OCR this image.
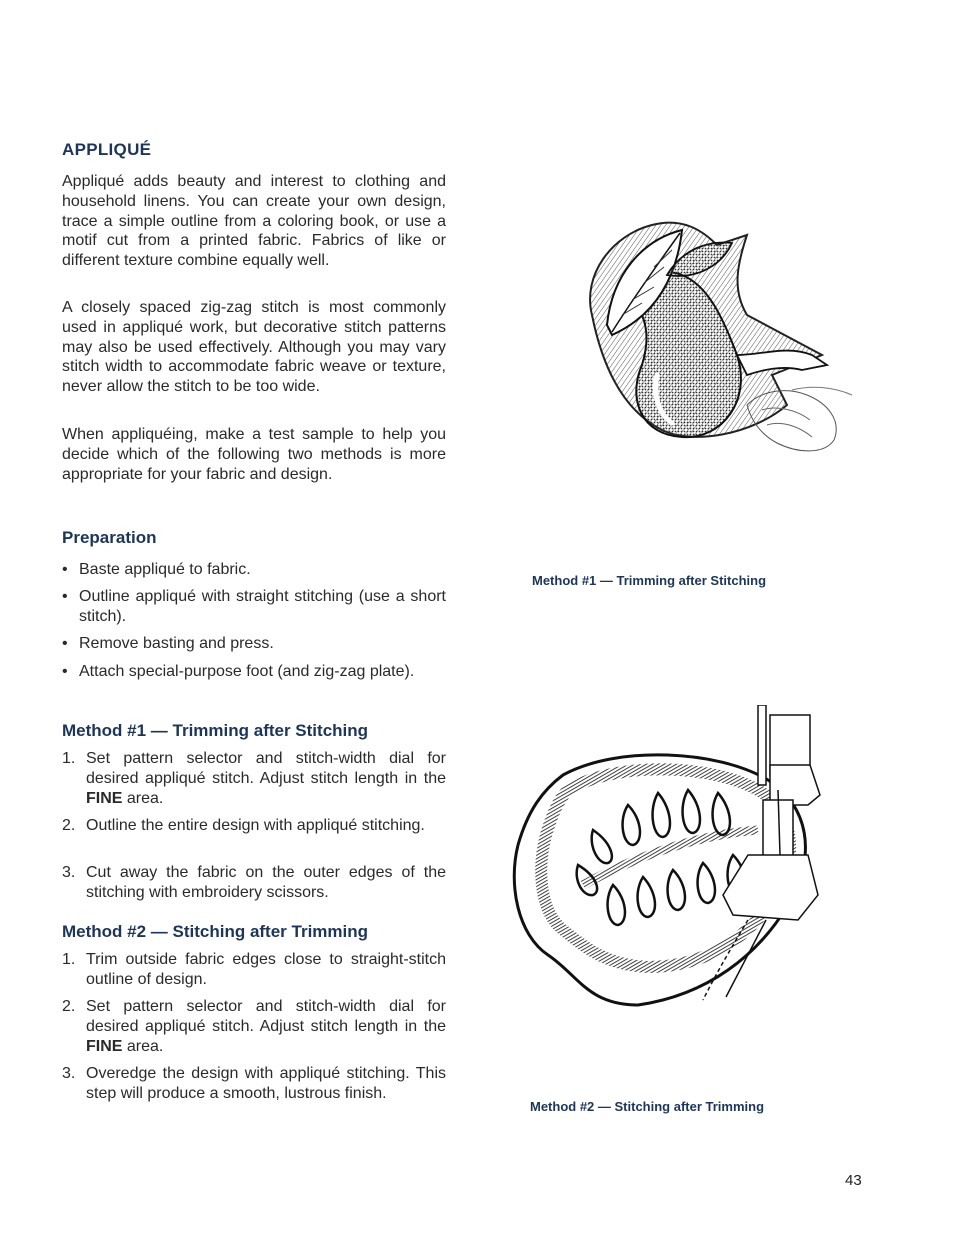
APPLIQUÉ
Appliqué adds beauty and interest to clothing and household linens. You can create your own design, trace a simple outline from a coloring book, or use a motif cut from a printed fabric. Fabrics of like or different texture combine equally well.
A closely spaced zig-zag stitch is most commonly used in appliqué work, but decorative stitch patterns may also be used effectively. Although you may vary stitch width to accommodate fabric weave or texture, never allow the stitch to be too wide.
When appliquéing, make a test sample to help you decide which of the following two methods is more appropriate for your fabric and design.
Preparation
• Baste appliqué to fabric.
• Outline appliqué with straight stitching (use a short stitch).
• Remove basting and press.
• Attach special-purpose foot (and zig-zag plate).
Method #1 — Trimming after Stitching
1. Set pattern selector and stitch-width dial for desired appliqué stitch. Adjust stitch length in the FINE area.
2. Outline the entire design with appliqué stitching.
3. Cut away the fabric on the outer edges of the stitching with embroidery scissors.
Method #2 — Stitching after Trimming
1. Trim outside fabric edges close to straight-stitch outline of design.
2. Set pattern selector and stitch-width dial for desired appliqué stitch. Adjust stitch length in the FINE area.
3. Overedge the design with appliqué stitching. This step will produce a smooth, lustrous finish.
Method #1 — Trimming after Stitching
Method #2 — Stitching after Trimming
43
